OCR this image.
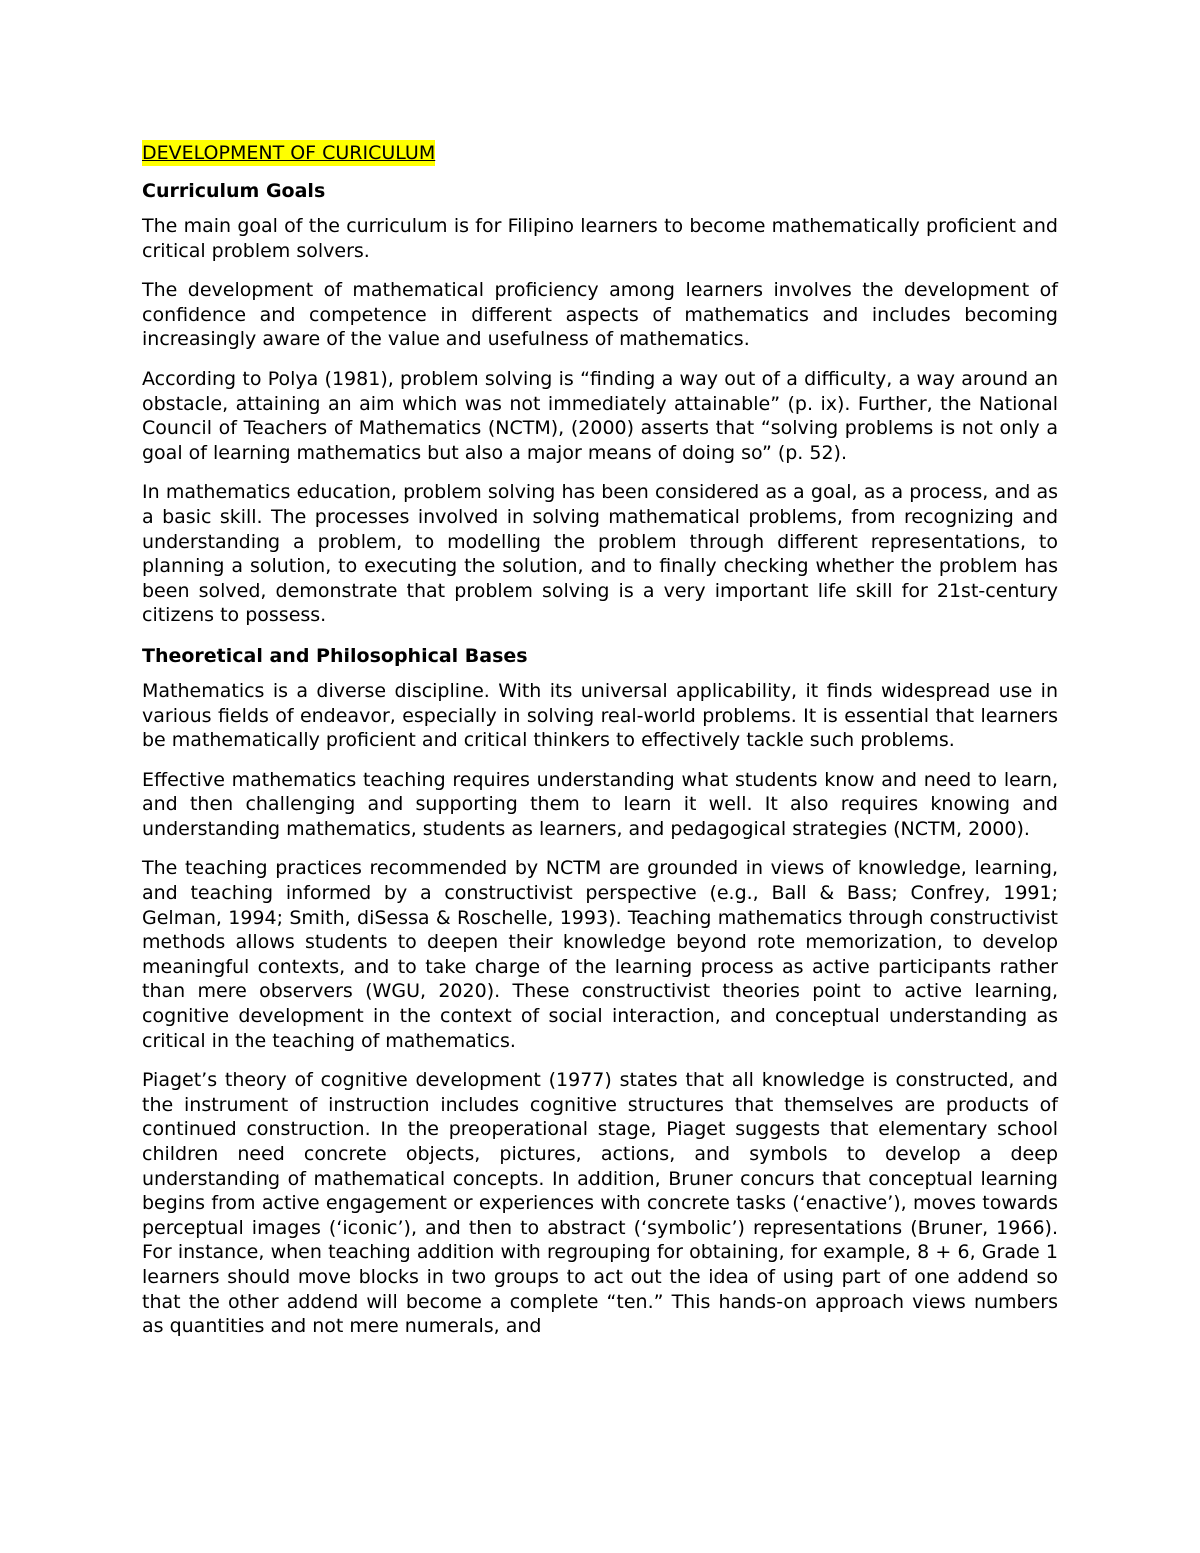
DEVELOPMENT OF CURICULUM
Curriculum Goals

The main goal of the curriculum is for Filipino learners to become mathematically proficient and critical problem solvers.

The development of mathematical proficiency among learners involves the development of confidence and competence in different aspects of mathematics and includes becoming increasingly aware of the value and usefulness of mathematics.

According to Polya (1981), problem solving is “finding a way out of a difficulty, a way around an obstacle, attaining an aim which was not immediately attainable” (p. ix). Further, the National Council of Teachers of Mathematics (NCTM), (2000) asserts that “solving problems is not only a goal of learning mathematics but also a major means of doing so” (p. 52).

In mathematics education, problem solving has been considered as a goal, as a process, and as a basic skill. The processes involved in solving mathematical problems, from recognizing and understanding a problem, to modelling the problem through different representations, to planning a solution, to executing the solution, and to finally checking whether the problem has been solved, demonstrate that problem solving is a very important life skill for 21st-century citizens to possess.

Theoretical and Philosophical Bases

Mathematics is a diverse discipline. With its universal applicability, it finds widespread use in various fields of endeavor, especially in solving real-world problems. It is essential that learners be mathematically proficient and critical thinkers to effectively tackle such problems.

Effective mathematics teaching requires understanding what students know and need to learn, and then challenging and supporting them to learn it well. It also requires knowing and understanding mathematics, students as learners, and pedagogical strategies (NCTM, 2000).

The teaching practices recommended by NCTM are grounded in views of knowledge, learning, and teaching informed by a constructivist perspective (e.g., Ball & Bass; Confrey, 1991; Gelman, 1994; Smith, diSessa & Roschelle, 1993). Teaching mathematics through constructivist methods allows students to deepen their knowledge beyond rote memorization, to develop meaningful contexts, and to take charge of the learning process as active participants rather than mere observers (WGU, 2020). These constructivist theories point to active learning, cognitive development in the context of social interaction, and conceptual understanding as critical in the teaching of mathematics.

Piaget’s theory of cognitive development (1977) states that all knowledge is constructed, and the instrument of instruction includes cognitive structures that themselves are products of continued construction. In the preoperational stage, Piaget suggests that elementary school children need concrete objects, pictures, actions, and symbols to develop a deep understanding of mathematical concepts. In addition, Bruner concurs that conceptual learning begins from active engagement or experiences with concrete tasks (‘enactive’), moves towards perceptual images (‘iconic’), and then to abstract (‘symbolic’) representations (Bruner, 1966). For instance, when teaching addition with regrouping for obtaining, for example, 8 + 6, Grade 1 learners should move blocks in two groups to act out the idea of using part of one addend so that the other addend will become a complete “ten.” This hands-on approach views numbers as quantities and not mere numerals, and
